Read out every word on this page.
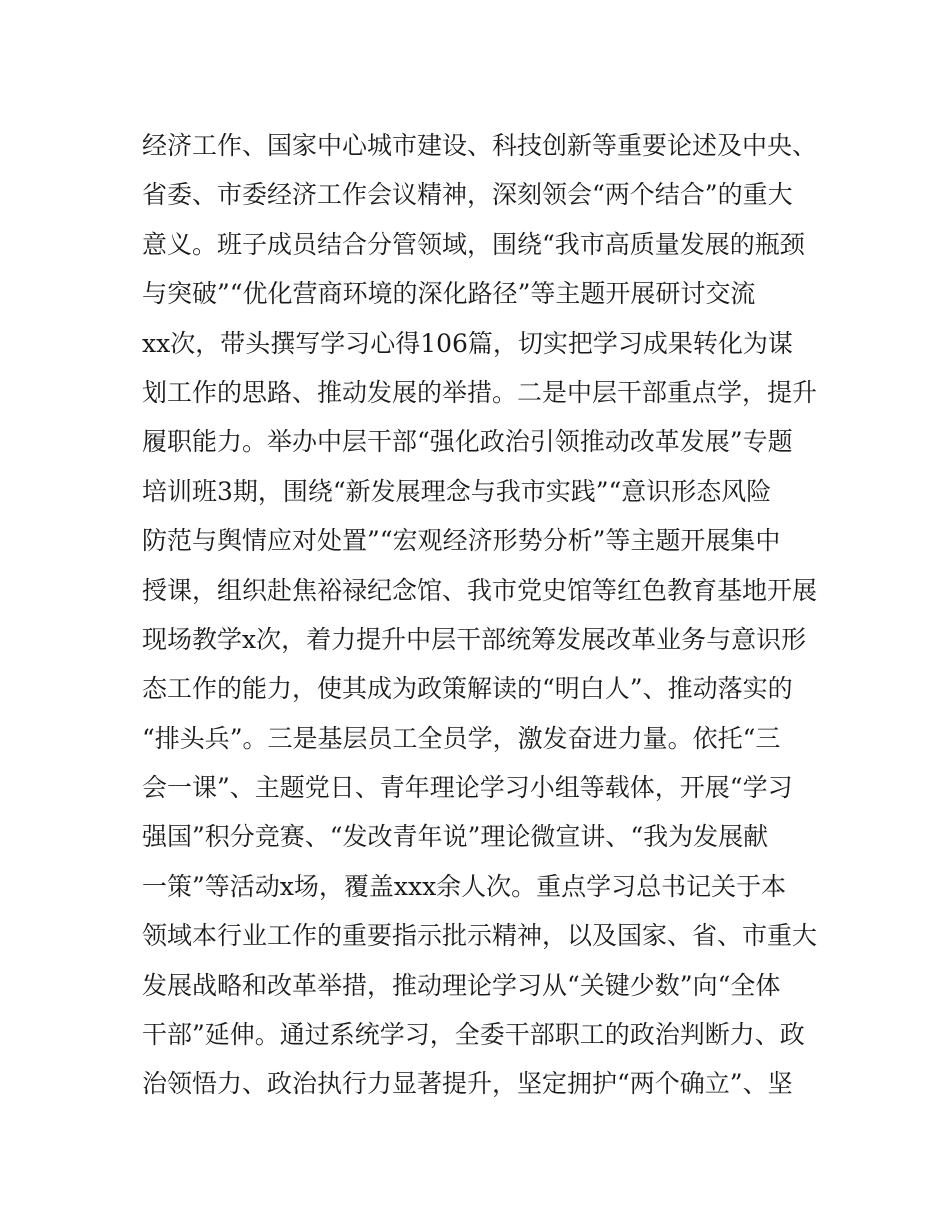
经济工作、国家中心城市建设、科技创新等重要论述及中央、
省委、市委经济工作会议精神，深刻领会“两个结合”的重大
意义。班子成员结合分管领域，围绕“我市高质量发展的瓶颈
与突破”“优化营商环境的深化路径”等主题开展研讨交流
xx次，带头撰写学习心得106篇，切实把学习成果转化为谋
划工作的思路、推动发展的举措。二是中层干部重点学，提升
履职能力。举办中层干部“强化政治引领推动改革发展”专题
培训班3期，围绕“新发展理念与我市实践”“意识形态风险
防范与舆情应对处置”“宏观经济形势分析”等主题开展集中
授课，组织赴焦裕禄纪念馆、我市党史馆等红色教育基地开展
现场教学x次，着力提升中层干部统筹发展改革业务与意识形
态工作的能力，使其成为政策解读的“明白人”、推动落实的
“排头兵”。三是基层员工全员学，激发奋进力量。依托“三
会一课”、主题党日、青年理论学习小组等载体，开展“学习
强国”积分竞赛、“发改青年说”理论微宣讲、“我为发展献
一策”等活动x场，覆盖xxx余人次。重点学习总书记关于本
领域本行业工作的重要指示批示精神，以及国家、省、市重大
发展战略和改革举措，推动理论学习从“关键少数”向“全体
干部”延伸。通过系统学习，全委干部职工的政治判断力、政
治领悟力、政治执行力显著提升，坚定拥护“两个确立”、坚
